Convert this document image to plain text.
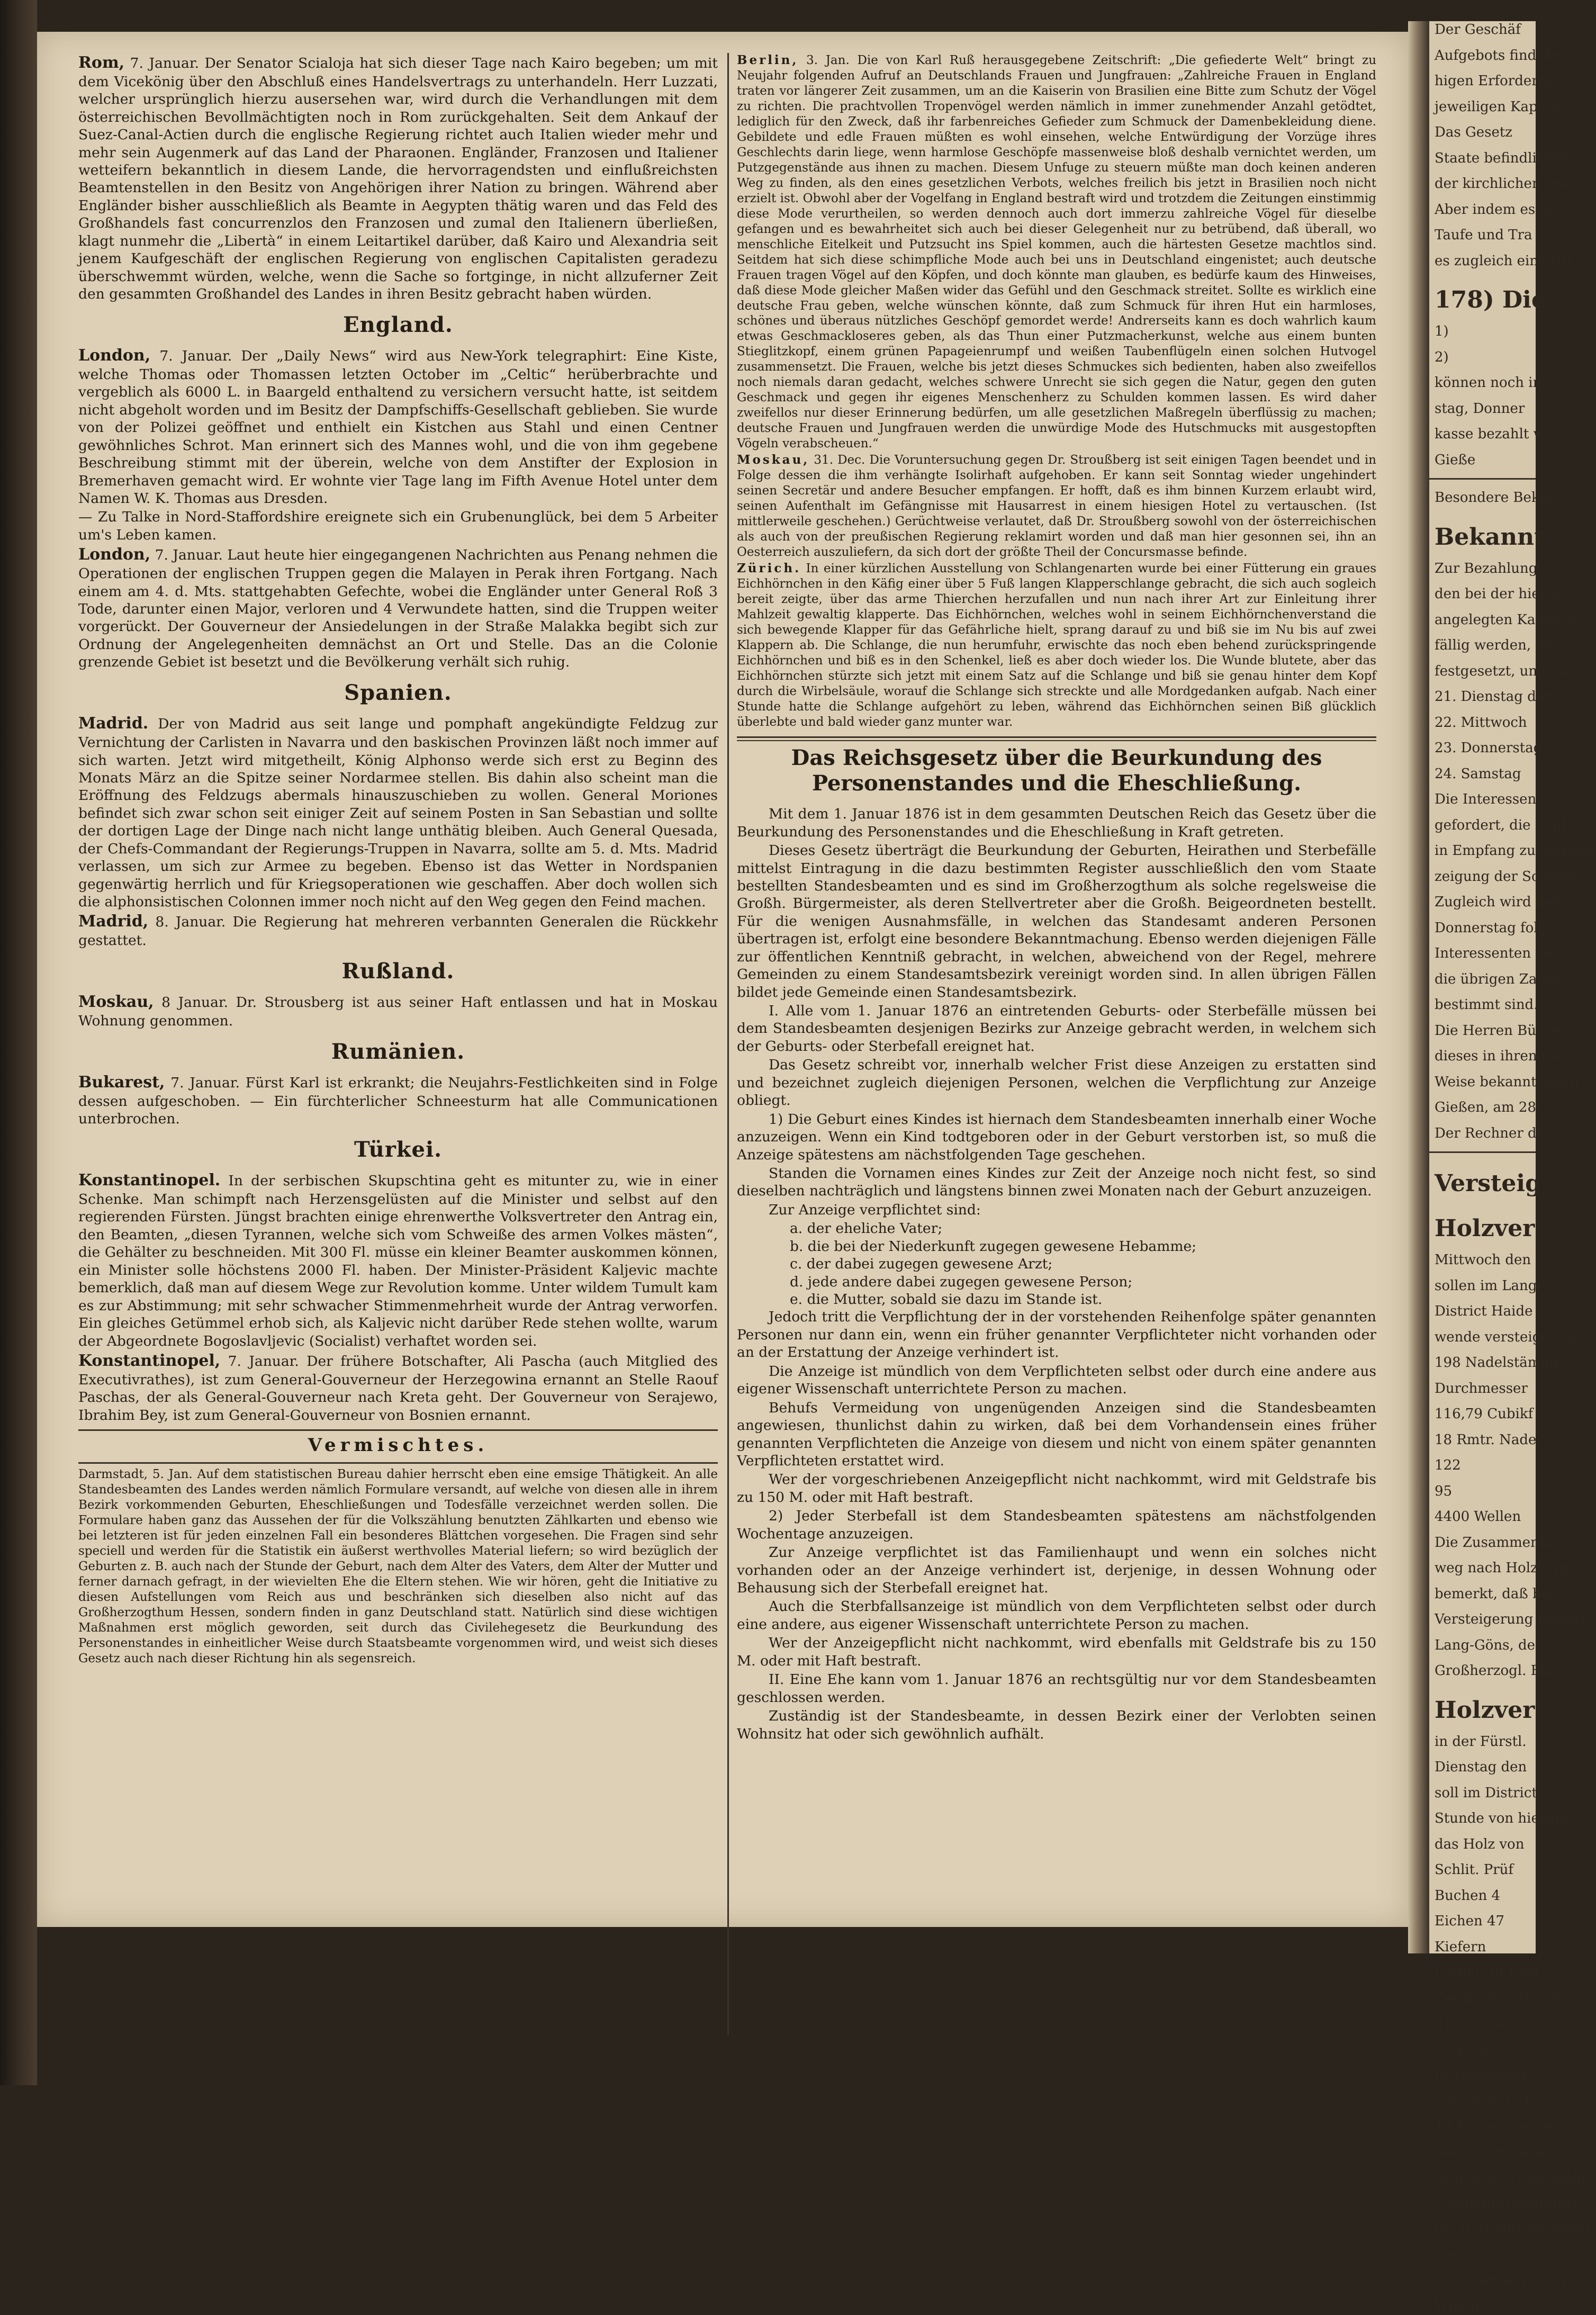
Der Geschäf
Aufgebots find der
higen Erforderniss
jeweiligen Kapitali
Das Gesetz
Staate befindlichen
der kirchlichen Verr
Aber indem es in
Taufe und Tra
es zugleich eine frü
178) Die
1)
2)
können noch in
stag, Donner
kasse bezahlt w
Gieße
Besondere Bekan
Bekannt
Zur Bezahlung
den bei der hiesige
angelegten Kapitalie
fällig werden, fin
festgesetzt, und zwar
21. Dienstag den
22. Mittwoch
23. Donnerstag
24. Samstag
Die Interessent
gefordert, die Zahlu
in Empfang zu nehmen
zeigung der Schulds
Zugleich wird bem
Donnerstag folgen
Interessenten der
die übrigen Zahlta
bestimmt sind.
Die Herren Bürge
dieses in ihren Gem
Weise bekannt mach
Gießen, am 28. N
Der Rechner der
Versteig
Holzver
Mittwoch den
sollen im Lang-
District Haide na
wende versteigert we
198 Nadelstämme
Durchmesser
116,79 Cubikf
18 Rmtr. Nadel
122
95
4400 Wellen
Die Zusammenkun
weg nach Holzheim
bemerkt, daß bei
Versteigerung kommt
Lang-Göns, den
Großherzogl. Bür
Holzver
in der Fürstl.
Dienstag den
soll im District
Stunde von hiesiger
das Holz von
Schlit. Prüf
Buchen 4
Eichen 47
Kiefern
Ferner 39 Eich
Centimeter Durchme
21 schwere Eiche
93 Kiefernstämm
Durchmesser
mit 56,89 Cub
16 Eichenstangen
Die Zusammenkunf
weg an der Eisenbahn
Schloßmittagsgebiete
bei Ruthmittagsgebiet
Lang-Göns
Lich, den 6. Januar
Wimm

Rom, 7. Januar. Der Senator Scialoja hat sich dieser Tage nach Kairo begeben; um mit dem Vicekönig über den Abschluß eines Handelsvertrags zu unterhandeln. Herr Luzzati, welcher ursprünglich hierzu ausersehen war, wird durch die Verhandlungen mit dem österreichischen Bevollmächtigten noch in Rom zurückgehalten. Seit dem Ankauf der Suez-Canal-Actien durch die englische Regierung richtet auch Italien wieder mehr und mehr sein Augenmerk auf das Land der Pharaonen. Engländer, Franzosen und Italiener wetteifern bekanntlich in diesem Lande, die hervorragendsten und einflußreichsten Beamtenstellen in den Besitz von Angehörigen ihrer Nation zu bringen. Während aber Engländer bisher ausschließlich als Beamte in Aegypten thätig waren und das Feld des Großhandels fast concurrenzlos den Franzosen und zumal den Italienern überließen, klagt nunmehr die „Libertà“ in einem Leitartikel darüber, daß Kairo und Alexandria seit jenem Kaufgeschäft der englischen Regierung von englischen Capitalisten geradezu überschwemmt würden, welche, wenn die Sache so fortginge, in nicht allzuferner Zeit den gesammten Großhandel des Landes in ihren Besitz gebracht haben würden.

England.

London, 7. Januar. Der „Daily News“ wird aus New-York telegraphirt: Eine Kiste, welche Thomas oder Thomassen letzten October im „Celtic“ herüberbrachte und vergeblich als 6000 L. in Baargeld enthaltend zu versichern versucht hatte, ist seitdem nicht abgeholt worden und im Besitz der Dampfschiffs-Gesellschaft geblieben. Sie wurde von der Polizei geöffnet und enthielt ein Kistchen aus Stahl und einen Centner gewöhnliches Schrot. Man erinnert sich des Mannes wohl, und die von ihm gegebene Beschreibung stimmt mit der überein, welche von dem Anstifter der Explosion in Bremerhaven gemacht wird. Er wohnte vier Tage lang im Fifth Avenue Hotel unter dem Namen W. K. Thomas aus Dresden.

— Zu Talke in Nord-Staffordshire ereignete sich ein Grubenunglück, bei dem 5 Arbeiter um's Leben kamen.

London, 7. Januar. Laut heute hier eingegangenen Nachrichten aus Penang nehmen die Operationen der englischen Truppen gegen die Malayen in Perak ihren Fortgang. Nach einem am 4. d. Mts. stattgehabten Gefechte, wobei die Engländer unter General Roß 3 Tode, darunter einen Major, verloren und 4 Verwundete hatten, sind die Truppen weiter vorgerückt. Der Gouverneur der Ansiedelungen in der Straße Malakka begibt sich zur Ordnung der Angelegenheiten demnächst an Ort und Stelle. Das an die Colonie grenzende Gebiet ist besetzt und die Bevölkerung verhält sich ruhig.

Spanien.

Madrid. Der von Madrid aus seit lange und pomphaft angekündigte Feldzug zur Vernichtung der Carlisten in Navarra und den baskischen Provinzen läßt noch immer auf sich warten. Jetzt wird mitgetheilt, König Alphonso werde sich erst zu Beginn des Monats März an die Spitze seiner Nordarmee stellen. Bis dahin also scheint man die Eröffnung des Feldzugs abermals hinauszuschieben zu wollen. General Moriones befindet sich zwar schon seit einiger Zeit auf seinem Posten in San Sebastian und sollte der dortigen Lage der Dinge nach nicht lange unthätig bleiben. Auch General Quesada, der Chefs-Commandant der Regierungs-Truppen in Navarra, sollte am 5. d. Mts. Madrid verlassen, um sich zur Armee zu begeben. Ebenso ist das Wetter in Nordspanien gegenwärtig herrlich und für Kriegsoperationen wie geschaffen. Aber doch wollen sich die alphonsistischen Colonnen immer noch nicht auf den Weg gegen den Feind machen.

Madrid, 8. Januar. Die Regierung hat mehreren verbannten Generalen die Rückkehr gestattet.

Rußland.

Moskau, 8 Januar. Dr. Strousberg ist aus seiner Haft entlassen und hat in Moskau Wohnung genommen.

Rumänien.

Bukarest, 7. Januar. Fürst Karl ist erkrankt; die Neujahrs-Festlichkeiten sind in Folge dessen aufgeschoben. — Ein fürchterlicher Schneesturm hat alle Communicationen unterbrochen.

Türkei.

Konstantinopel. In der serbischen Skupschtina geht es mitunter zu, wie in einer Schenke. Man schimpft nach Herzensgelüsten auf die Minister und selbst auf den regierenden Fürsten. Jüngst brachten einige ehrenwerthe Volksvertreter den Antrag ein, den Beamten, „diesen Tyrannen, welche sich vom Schweiße des armen Volkes mästen“, die Gehälter zu beschneiden. Mit 300 Fl. müsse ein kleiner Beamter auskommen können, ein Minister solle höchstens 2000 Fl. haben. Der Minister-Präsident Kaljevic machte bemerklich, daß man auf diesem Wege zur Revolution komme. Unter wildem Tumult kam es zur Abstimmung; mit sehr schwacher Stimmenmehrheit wurde der Antrag verworfen. Ein gleiches Getümmel erhob sich, als Kaljevic nicht darüber Rede stehen wollte, warum der Abgeordnete Bogoslavljevic (Socialist) verhaftet worden sei.

Konstantinopel, 7. Januar. Der frühere Botschafter, Ali Pascha (auch Mitglied des Executivrathes), ist zum General-Gouverneur der Herzegowina ernannt an Stelle Raouf Paschas, der als General-Gouverneur nach Kreta geht. Der Gouverneur von Serajewo, Ibrahim Bey, ist zum General-Gouverneur von Bosnien ernannt.

Vermischtes.

Darmstadt, 5. Jan. Auf dem statistischen Bureau dahier herrscht eben eine emsige Thätigkeit. An alle Standesbeamten des Landes werden nämlich Formulare versandt, auf welche von diesen alle in ihrem Bezirk vorkommenden Geburten, Eheschließungen und Todesfälle verzeichnet werden sollen. Die Formulare haben ganz das Aussehen der für die Volkszählung benutzten Zählkarten und ebenso wie bei letzteren ist für jeden einzelnen Fall ein besonderes Blättchen vorgesehen. Die Fragen sind sehr speciell und werden für die Statistik ein äußerst werthvolles Material liefern; so wird bezüglich der Geburten z. B. auch nach der Stunde der Geburt, nach dem Alter des Vaters, dem Alter der Mutter und ferner darnach gefragt, in der wievielten Ehe die Eltern stehen. Wie wir hören, geht die Initiative zu diesen Aufstellungen vom Reich aus und beschränken sich dieselben also nicht auf das Großherzogthum Hessen, sondern finden in ganz Deutschland statt. Natürlich sind diese wichtigen Maßnahmen erst möglich geworden, seit durch das Civilehegesetz die Beurkundung des Personenstandes in einheitlicher Weise durch Staatsbeamte vorgenommen wird, und weist sich dieses Gesetz auch nach dieser Richtung hin als segensreich.

Berlin, 3. Jan. Die von Karl Ruß herausgegebene Zeitschrift: „Die gefiederte Welt“ bringt zu Neujahr folgenden Aufruf an Deutschlands Frauen und Jungfrauen: „Zahlreiche Frauen in England traten vor längerer Zeit zusammen, um an die Kaiserin von Brasilien eine Bitte zum Schutz der Vögel zu richten. Die prachtvollen Tropenvögel werden nämlich in immer zunehmender Anzahl getödtet, lediglich für den Zweck, daß ihr farbenreiches Gefieder zum Schmuck der Damenbekleidung diene. Gebildete und edle Frauen müßten es wohl einsehen, welche Entwürdigung der Vorzüge ihres Geschlechts darin liege, wenn harmlose Geschöpfe massenweise bloß deshalb vernichtet werden, um Putzgegenstände aus ihnen zu machen. Diesem Unfuge zu steuern müßte man doch keinen anderen Weg zu finden, als den eines gesetzlichen Verbots, welches freilich bis jetzt in Brasilien noch nicht erzielt ist. Obwohl aber der Vogelfang in England bestraft wird und trotzdem die Zeitungen einstimmig diese Mode verurtheilen, so werden dennoch auch dort immerzu zahlreiche Vögel für dieselbe gefangen und es bewahrheitet sich auch bei dieser Gelegenheit nur zu betrübend, daß überall, wo menschliche Eitelkeit und Putzsucht ins Spiel kommen, auch die härtesten Gesetze machtlos sind. Seitdem hat sich diese schimpfliche Mode auch bei uns in Deutschland eingenistet; auch deutsche Frauen tragen Vögel auf den Köpfen, und doch könnte man glauben, es bedürfe kaum des Hinweises, daß diese Mode gleicher Maßen wider das Gefühl und den Geschmack streitet. Sollte es wirklich eine deutsche Frau geben, welche wünschen könnte, daß zum Schmuck für ihren Hut ein harmloses, schönes und überaus nützliches Geschöpf gemordet werde! Andrerseits kann es doch wahrlich kaum etwas Geschmackloseres geben, als das Thun einer Putzmacherkunst, welche aus einem bunten Stieglitzkopf, einem grünen Papageienrumpf und weißen Taubenflügeln einen solchen Hutvogel zusammensetzt. Die Frauen, welche bis jetzt dieses Schmuckes sich bedienten, haben also zweifellos noch niemals daran gedacht, welches schwere Unrecht sie sich gegen die Natur, gegen den guten Geschmack und gegen ihr eigenes Menschenherz zu Schulden kommen lassen. Es wird daher zweifellos nur dieser Erinnerung bedürfen, um alle gesetzlichen Maßregeln überflüssig zu machen; deutsche Frauen und Jungfrauen werden die unwürdige Mode des Hutschmucks mit ausgestopften Vögeln verabscheuen.“

Moskau, 31. Dec. Die Voruntersuchung gegen Dr. Stroußberg ist seit einigen Tagen beendet und in Folge dessen die ihm verhängte Isolirhaft aufgehoben. Er kann seit Sonntag wieder ungehindert seinen Secretär und andere Besucher empfangen. Er hofft, daß es ihm binnen Kurzem erlaubt wird, seinen Aufenthalt im Gefängnisse mit Hausarrest in einem hiesigen Hotel zu vertauschen. (Ist mittlerweile geschehen.) Gerüchtweise verlautet, daß Dr. Stroußberg sowohl von der österreichischen als auch von der preußischen Regierung reklamirt worden und daß man hier gesonnen sei, ihn an Oesterreich auszuliefern, da sich dort der größte Theil der Concursmasse befinde.

Zürich. In einer kürzlichen Ausstellung von Schlangenarten wurde bei einer Fütterung ein graues Eichhörnchen in den Käfig einer über 5 Fuß langen Klapperschlange gebracht, die sich auch sogleich bereit zeigte, über das arme Thierchen herzufallen und nun nach ihrer Art zur Einleitung ihrer Mahlzeit gewaltig klapperte. Das Eichhörnchen, welches wohl in seinem Eichhörnchenverstand die sich bewegende Klapper für das Gefährliche hielt, sprang darauf zu und biß sie im Nu bis auf zwei Klappern ab. Die Schlange, die nun herumfuhr, erwischte das noch eben behend zurückspringende Eichhörnchen und biß es in den Schenkel, ließ es aber doch wieder los. Die Wunde blutete, aber das Eichhörnchen stürzte sich jetzt mit einem Satz auf die Schlange und biß sie genau hinter dem Kopf durch die Wirbelsäule, worauf die Schlange sich streckte und alle Mordgedanken aufgab. Nach einer Stunde hatte die Schlange aufgehört zu leben, während das Eichhörnchen seinen Biß glücklich überlebte und bald wieder ganz munter war.

Das Reichsgesetz über die Beurkundung des Personenstandes und die Eheschließung.

Mit dem 1. Januar 1876 ist in dem gesammten Deutschen Reich das Gesetz über die Beurkundung des Personenstandes und die Eheschließung in Kraft getreten.

Dieses Gesetz überträgt die Beurkundung der Geburten, Heirathen und Sterbefälle mittelst Eintragung in die dazu bestimmten Register ausschließlich den vom Staate bestellten Standesbeamten und es sind im Großherzogthum als solche regelsweise die Großh. Bürgermeister, als deren Stellvertreter aber die Großh. Beigeordneten bestellt. Für die wenigen Ausnahmsfälle, in welchen das Standesamt anderen Personen übertragen ist, erfolgt eine besondere Bekanntmachung. Ebenso werden diejenigen Fälle zur öffentlichen Kenntniß gebracht, in welchen, abweichend von der Regel, mehrere Gemeinden zu einem Standesamtsbezirk vereinigt worden sind. In allen übrigen Fällen bildet jede Gemeinde einen Standesamtsbezirk.

I. Alle vom 1. Januar 1876 an eintretenden Geburts- oder Sterbefälle müssen bei dem Standesbeamten desjenigen Bezirks zur Anzeige gebracht werden, in welchem sich der Geburts- oder Sterbefall ereignet hat.

Das Gesetz schreibt vor, innerhalb welcher Frist diese Anzeigen zu erstatten sind und bezeichnet zugleich diejenigen Personen, welchen die Verpflichtung zur Anzeige obliegt.

1) Die Geburt eines Kindes ist hiernach dem Standesbeamten innerhalb einer Woche anzuzeigen. Wenn ein Kind todtgeboren oder in der Geburt verstorben ist, so muß die Anzeige spätestens am nächstfolgenden Tage geschehen.

Standen die Vornamen eines Kindes zur Zeit der Anzeige noch nicht fest, so sind dieselben nachträglich und längstens binnen zwei Monaten nach der Geburt anzuzeigen.

Zur Anzeige verpflichtet sind:

a. der eheliche Vater;
b. die bei der Niederkunft zugegen gewesene Hebamme;
c. der dabei zugegen gewesene Arzt;
d. jede andere dabei zugegen gewesene Person;
e. die Mutter, sobald sie dazu im Stande ist.

Jedoch tritt die Verpflichtung der in der vorstehenden Reihenfolge später genannten Personen nur dann ein, wenn ein früher genannter Verpflichteter nicht vorhanden oder an der Erstattung der Anzeige verhindert ist.

Die Anzeige ist mündlich von dem Verpflichteten selbst oder durch eine andere aus eigener Wissenschaft unterrichtete Person zu machen.

Behufs Vermeidung von ungenügenden Anzeigen sind die Standesbeamten angewiesen, thunlichst dahin zu wirken, daß bei dem Vorhandensein eines früher genannten Verpflichteten die Anzeige von diesem und nicht von einem später genannten Verpflichteten erstattet wird.

Wer der vorgeschriebenen Anzeigepflicht nicht nachkommt, wird mit Geldstrafe bis zu 150 M. oder mit Haft bestraft.

2) Jeder Sterbefall ist dem Standesbeamten spätestens am nächstfolgenden Wochentage anzuzeigen.

Zur Anzeige verpflichtet ist das Familienhaupt und wenn ein solches nicht vorhanden oder an der Anzeige verhindert ist, derjenige, in dessen Wohnung oder Behausung sich der Sterbefall ereignet hat.

Auch die Sterbfallsanzeige ist mündlich von dem Verpflichteten selbst oder durch eine andere, aus eigener Wissenschaft unterrichtete Person zu machen.

Wer der Anzeigepflicht nicht nachkommt, wird ebenfalls mit Geldstrafe bis zu 150 M. oder mit Haft bestraft.

II. Eine Ehe kann vom 1. Januar 1876 an rechtsgültig nur vor dem Standesbeamten geschlossen werden.

Zuständig ist der Standesbeamte, in dessen Bezirk einer der Verlobten seinen Wohnsitz hat oder sich gewöhnlich aufhält.
